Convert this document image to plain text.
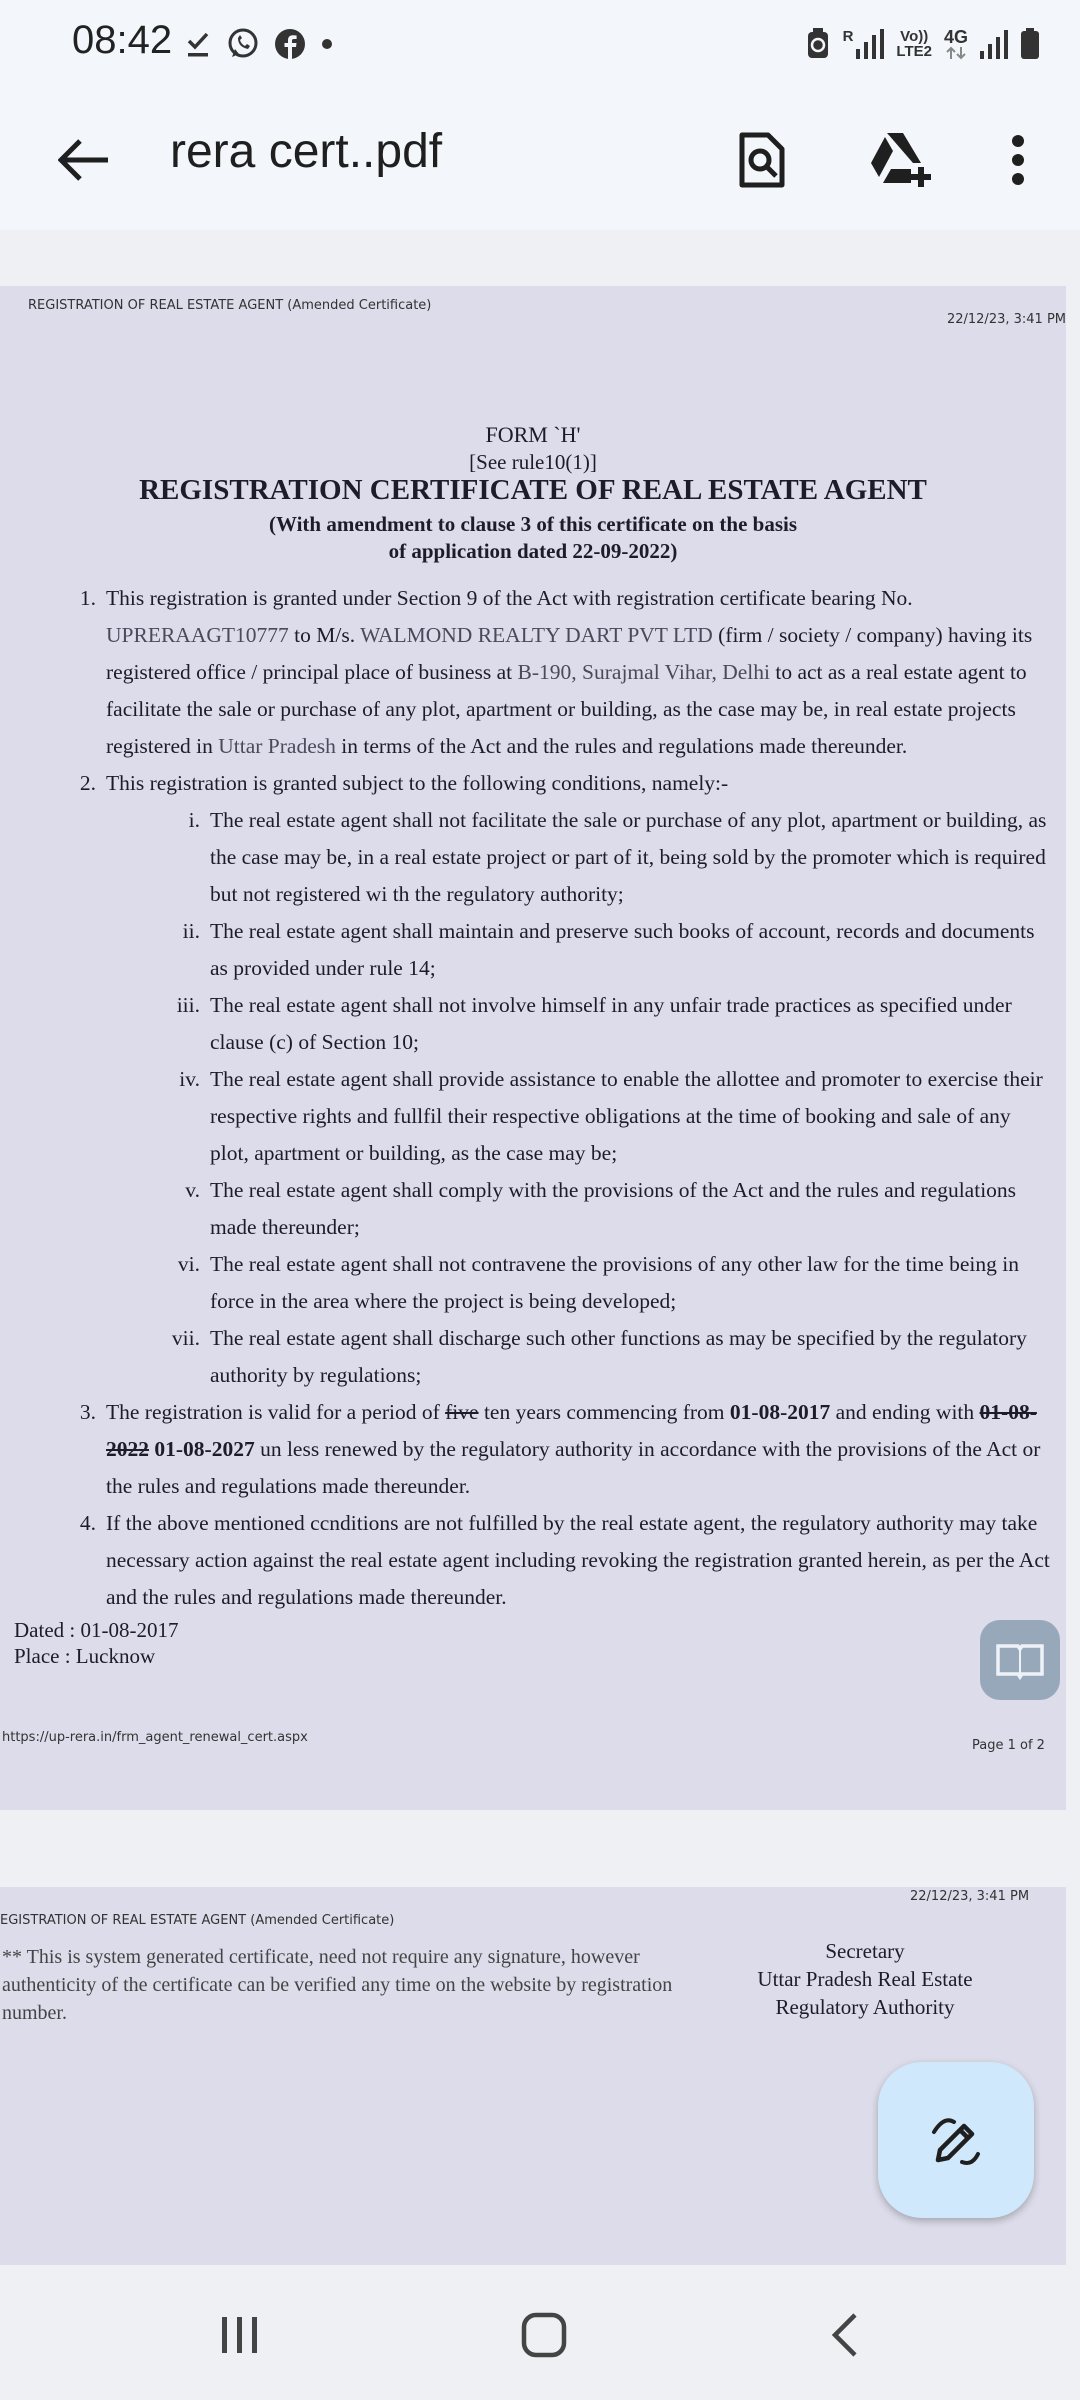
08:42	R	Vo))
LTE2
4G
rera cert..pdf
REGISTRATION OF REAL ESTATE AGENT (Amended Certificate)
22/12/23, 3:41 PM
FORM `H'
[See rule10(1)]
REGISTRATION CERTIFICATE OF REAL ESTATE AGENT
(With amendment to clause 3 of this certificate on the basis
of application dated 22-09-2022)
1. This registration is granted under Section 9 of the Act with registration certificate bearing No. UPRERAAGT10777 to M/s. WALMOND REALTY DART PVT LTD (firm / society / company) having its registered office / principal place of business at B-190, Surajmal Vihar, Delhi to act as a real estate agent to facilitate the sale or purchase of any plot, apartment or building, as the case may be, in real estate projects registered in Uttar Pradesh in terms of the Act and the rules and regulations made thereunder.
2. This registration is granted subject to the following conditions, namely:-
i. The real estate agent shall not facilitate the sale or purchase of any plot, apartment or building, as the case may be, in a real estate project or part of it, being sold by the promoter which is required but not registered wi th the regulatory authority;
ii. The real estate agent shall maintain and preserve such books of account, records and documents as provided under rule 14;
iii. The real estate agent shall not involve himself in any unfair trade practices as specified under clause (c) of Section 10;
iv. The real estate agent shall provide assistance to enable the allottee and promoter to exercise their respective rights and fullfil their respective obligations at the time of booking and sale of any plot, apartment or building, as the case may be;
v. The real estate agent shall comply with the provisions of the Act and the rules and regulations made thereunder;
vi. The real estate agent shall not contravene the provisions of any other law for the time being in force in the area where the project is being developed;
vii. The real estate agent shall discharge such other functions as may be specified by the regulatory authority by regulations;
3. The registration is valid for a period of five ten years commencing from 01-08-2017 and ending with 01-08-2022 01-08-2027 un less renewed by the regulatory authority in accordance with the provisions of the Act or the rules and regulations made thereunder.
4. If the above mentioned ccnditions are not fulfilled by the real estate agent, the regulatory authority may take necessary action against the real estate agent including revoking the registration granted herein, as per the Act and the rules and regulations made thereunder.
Dated : 01-08-2017
Place : Lucknow
https://up-rera.in/frm_agent_renewal_cert.aspx
Page 1 of 2
EGISTRATION OF REAL ESTATE AGENT (Amended Certificate)
22/12/23, 3:41 PM
** This is system generated certificate, need not require any signature, however authenticity of the certificate can be verified any time on the website by registration number.
Secretary
Uttar Pradesh Real Estate
Regulatory Authority
